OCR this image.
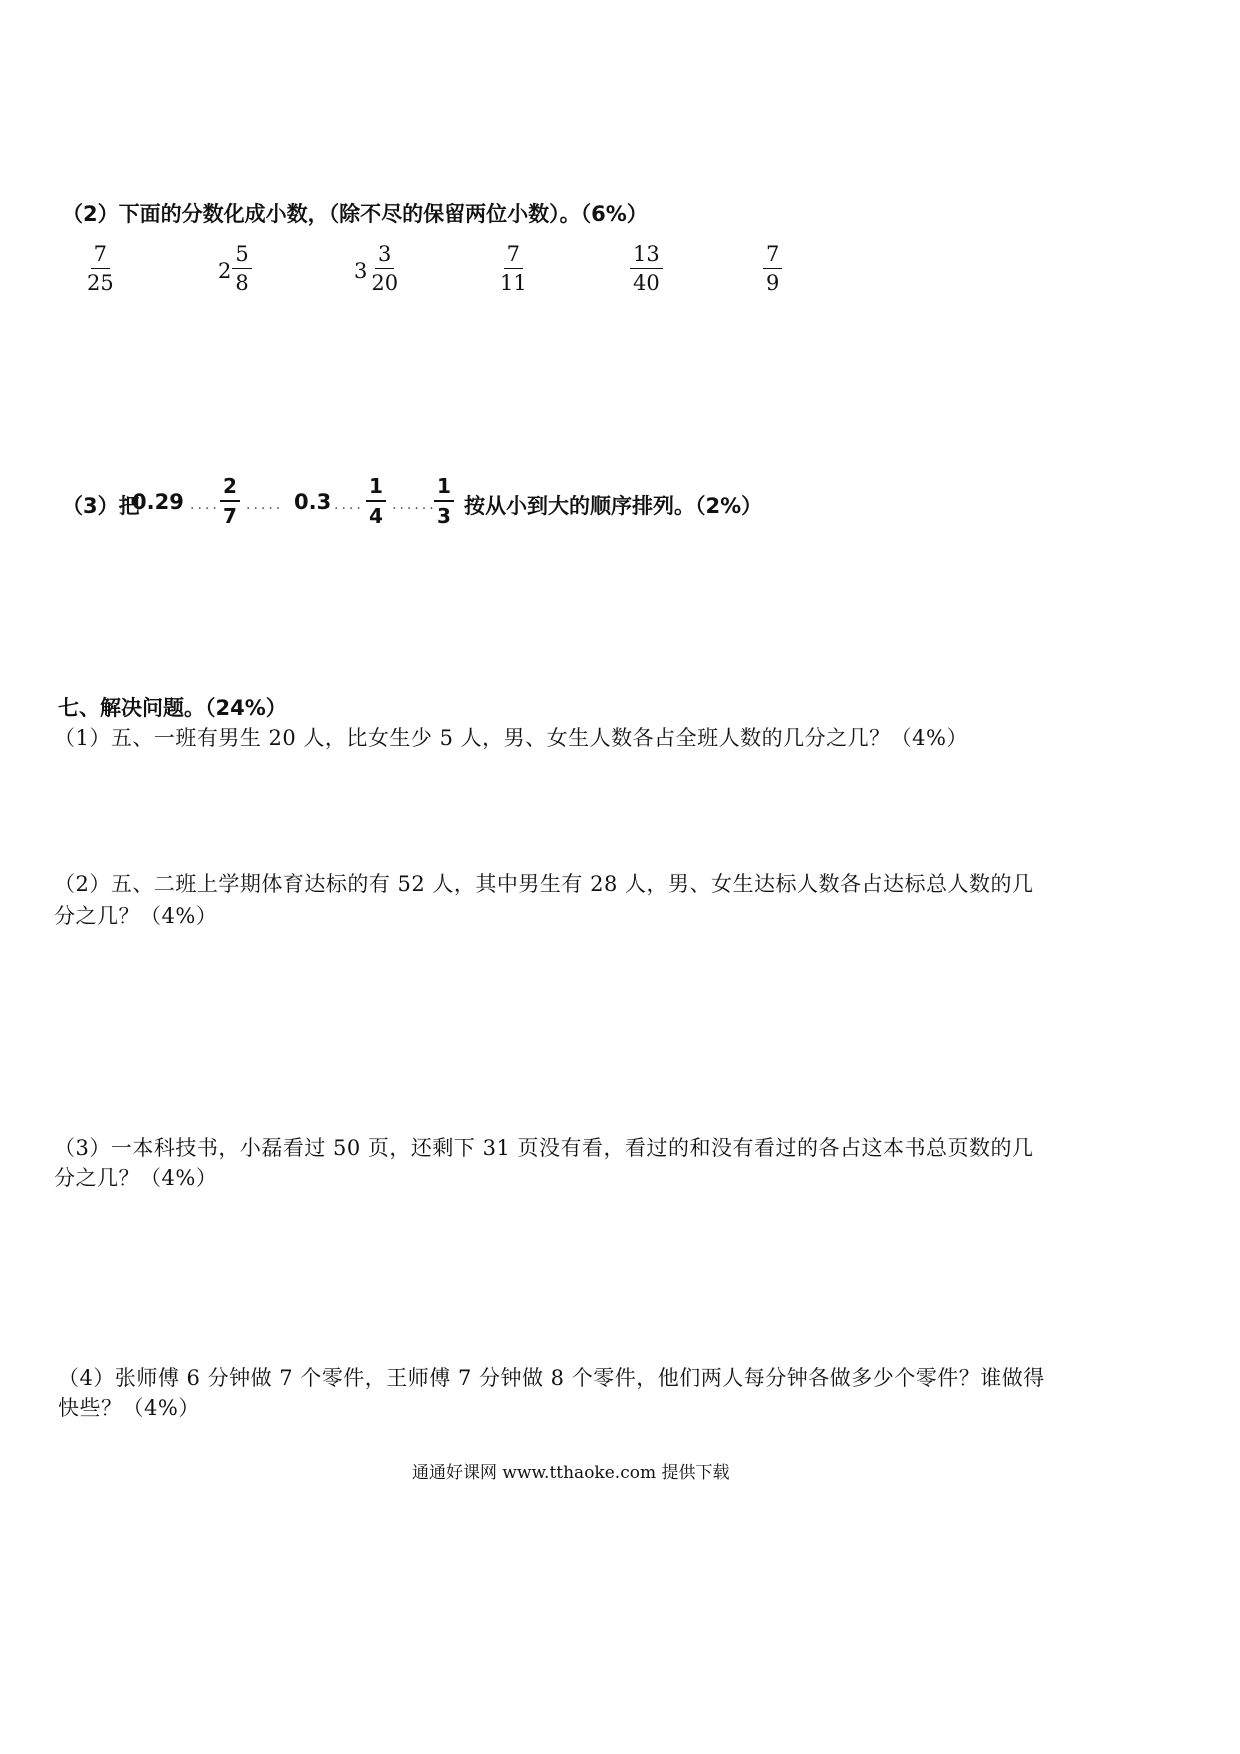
（2）下面的分数化成小数，（除不尽的保留两位小数）。（6%）
$\frac{7}{25}$	$2 \frac{5}{8}$	$3 \frac{3}{20}$	$\frac{7}{11}$	$\frac{13}{40}$	$\frac{7}{9}$
（3）把
0.29 .... $\frac{2}{7}$ ..... 0.3 .... $\frac{1}{4}$ ......
$\frac{1}{3}$ 按从小到大的顺序排列。（2%）
七、解决问题。（24%）
（1）五、一班有男生 20 人，比女生少 5 人，男、女生人数各占全班人数的几分之几？（4%）
（2）五、二班上学期体育达标的有 52 人，其中男生有 28 人，男、女生达标人数各占达标总人数的几
分之几？（4%）
（3）一本科技书，小磊看过 50 页，还剩下 31 页没有看，看过的和没有看过的各占这本书总页数的几
分之几？（4%）
（4）张师傅 6 分钟做 7 个零件，王师傅 7 分钟做 8 个零件，他们两人每分钟各做多少个零件？谁做得
快些？（4%）
通通好课网 www.tthaoke.com 提供下载
